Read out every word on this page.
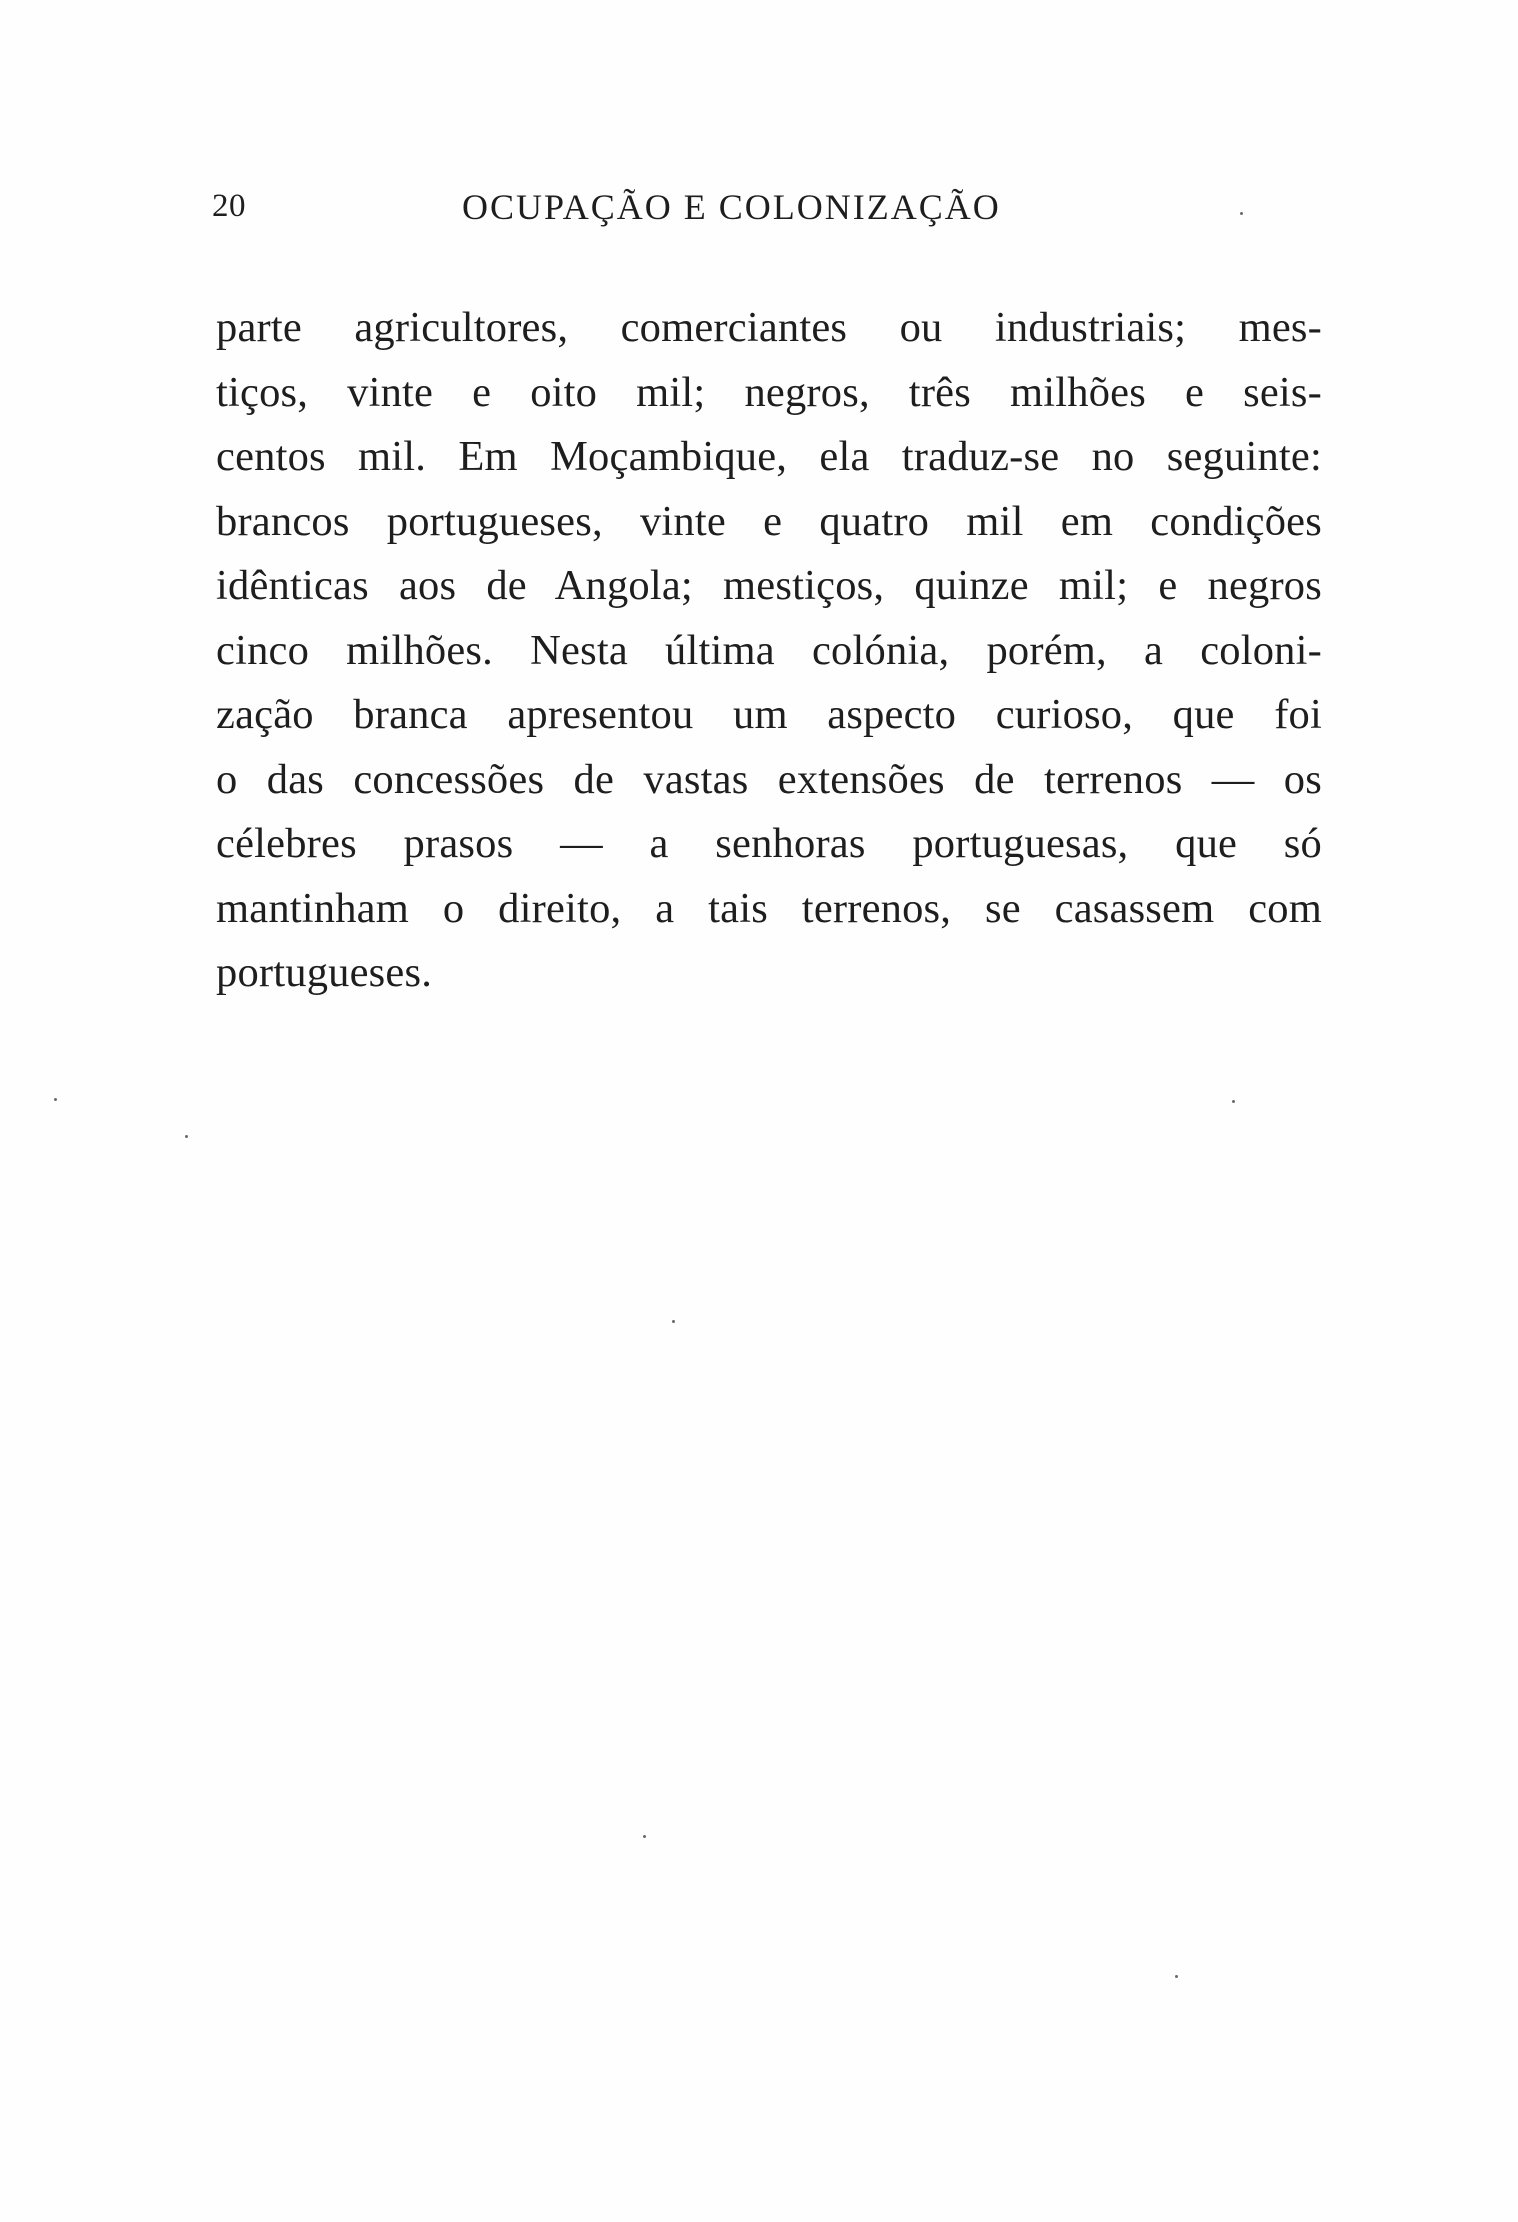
20	OCUPAÇÃO E COLONIZAÇÃO
parte agricultores, comerciantes ou industriais; mes-
tiços, vinte e oito mil; negros, três milhões e seis-
centos mil. Em Moçambique, ela traduz-se no seguinte:
brancos portugueses, vinte e quatro mil em condições
idênticas aos de Angola; mestiços, quinze mil; e negros
cinco milhões. Nesta última colónia, porém, a coloni-
zação branca apresentou um aspecto curioso, que foi
o das concessões de vastas extensões de terrenos — os
célebres prasos — a senhoras portuguesas, que só
mantinham o direito, a tais terrenos, se casassem com
portugueses.
